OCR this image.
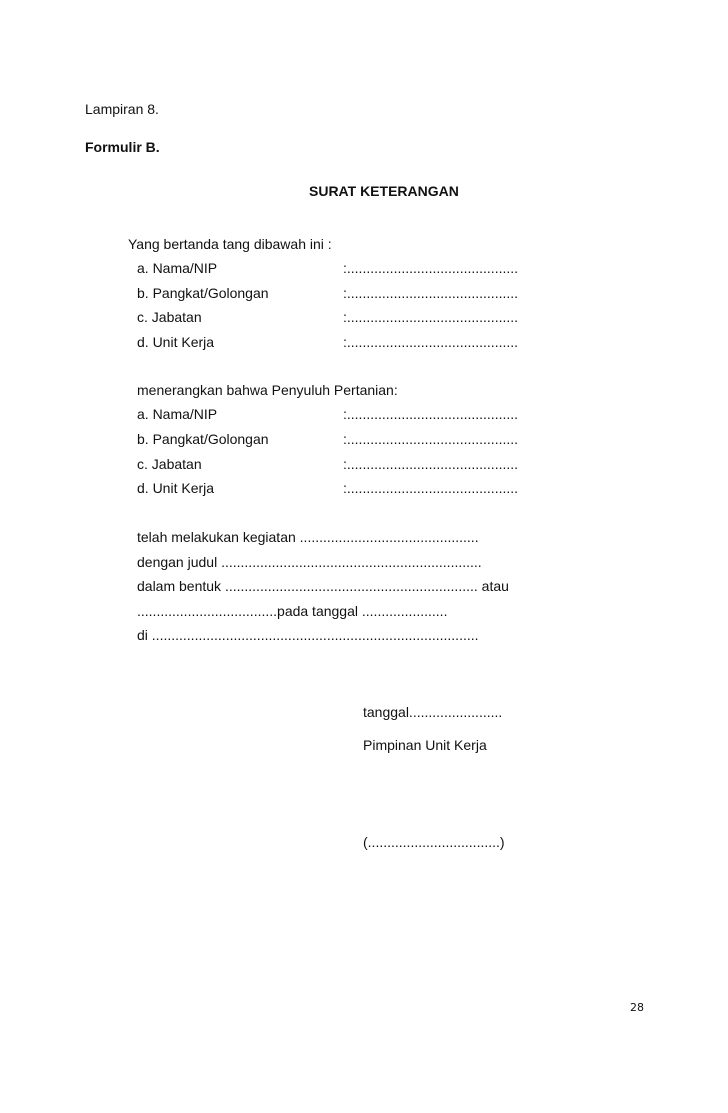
Lampiran 8.
Formulir B.
SURAT KETERANGAN
Yang bertanda tang dibawah ini :
a. Nama/NIP	:............................................
b. Pangkat/Golongan	:............................................
c. Jabatan	:............................................
d. Unit Kerja	:............................................
menerangkan bahwa Penyuluh Pertanian:
a. Nama/NIP	:............................................
b. Pangkat/Golongan	:............................................
c. Jabatan	:............................................
d. Unit Kerja	:............................................
telah melakukan kegiatan ..............................................
dengan judul ...................................................................
dalam bentuk ................................................................. atau
....................................pada tanggal ......................
di ....................................................................................
tanggal........................
Pimpinan Unit Kerja
(..................................)
28
